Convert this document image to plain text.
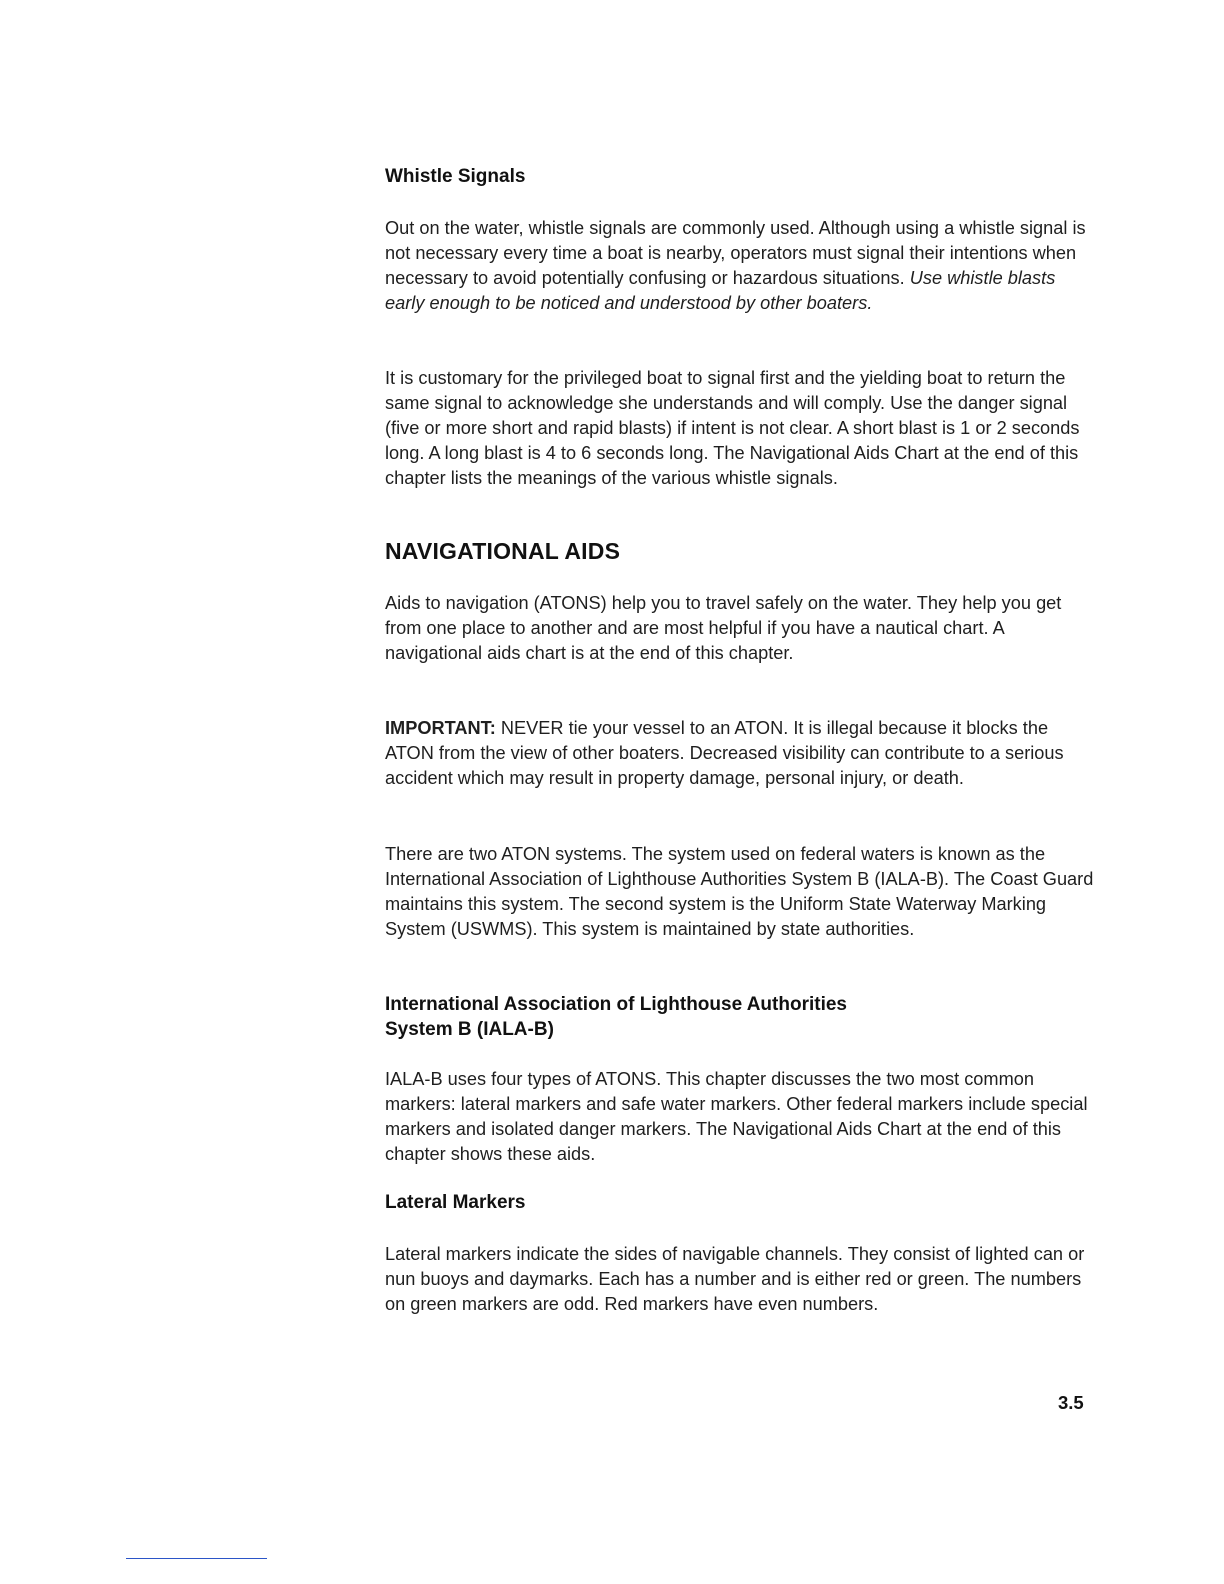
Whistle Signals

Out on the water, whistle signals are commonly used. Although using a whistle signal is not necessary every time a boat is nearby, operators must signal their intentions when necessary to avoid potentially confusing or hazardous situations. Use whistle blasts early enough to be noticed and understood by other boaters.

It is customary for the privileged boat to signal first and the yielding boat to return the same signal to acknowledge she understands and will comply. Use the danger signal (five or more short and rapid blasts) if intent is not clear. A short blast is 1 or 2 seconds long. A long blast is 4 to 6 seconds long. The Navigational Aids Chart at the end of this chapter lists the meanings of the various whistle signals.

NAVIGATIONAL AIDS

Aids to navigation (ATONS) help you to travel safely on the water. They help you get from one place to another and are most helpful if you have a nautical chart. A navigational aids chart is at the end of this chapter.

IMPORTANT: NEVER tie your vessel to an ATON. It is illegal because it blocks the ATON from the view of other boaters. Decreased visibility can contribute to a serious accident which may result in property damage, personal injury, or death.

There are two ATON systems. The system used on federal waters is known as the International Association of Lighthouse Authorities System B (IALA-B). The Coast Guard maintains this system. The second system is the Uniform State Waterway Marking System (USWMS). This system is maintained by state authorities.

International Association of Lighthouse Authorities
System B (IALA-B)

IALA-B uses four types of ATONS. This chapter discusses the two most common markers: lateral markers and safe water markers. Other federal markers include special markers and isolated danger markers. The Navigational Aids Chart at the end of this chapter shows these aids.

Lateral Markers

Lateral markers indicate the sides of navigable channels. They consist of lighted can or nun buoys and daymarks. Each has a number and is either red or green. The numbers on green markers are odd. Red markers have even numbers.

3.5
